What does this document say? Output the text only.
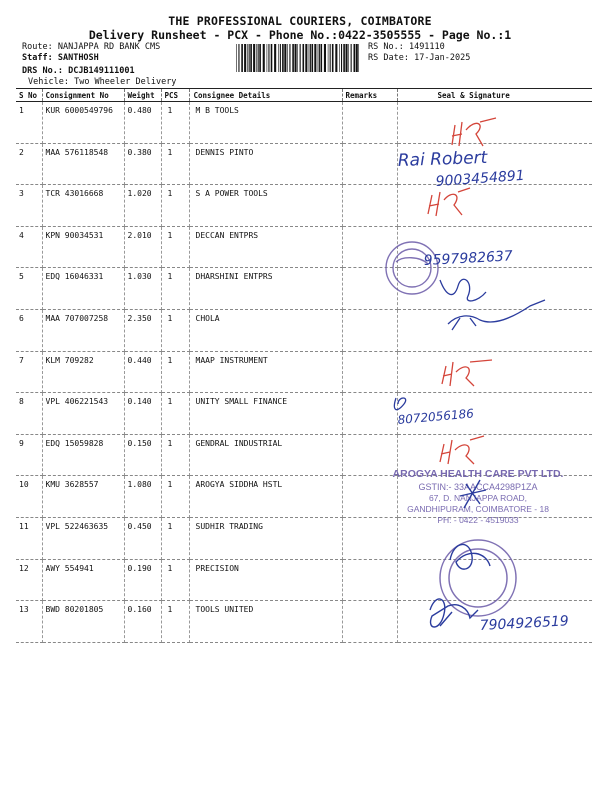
THE PROFESSIONAL COURIERS, COIMBATORE
Delivery Runsheet - PCX - Phone No.:0422-3505555 - Page No.:1
Route: NANJAPPA RD BANK CMS
Staff: SANTHOSH
DRS No.: DCJB149111001
Vehicle: Two Wheeler Delivery
RS No.: 1491110
RS Date: 17-Jan-2025
S No	Consignment No	Weight	PCS	Consignee Details	Remarks	Seal & Signature
1	KUR 6000549796	0.480	1	M B TOOLS		
2	MAA 576118548	0.380	1	DENNIS PINTO		
3	TCR 43016668	1.020	1	S A POWER TOOLS		
4	KPN 90034531	2.010	1	DECCAN ENTPRS		
5	EDQ 16046331	1.030	1	DHARSHINI ENTPRS		
6	MAA 707007258	2.350	1	CHOLA		
7	KLM 709282	0.440	1	MAAP INSTRUMENT		
8	VPL 406221543	0.140	1	UNITY SMALL FINANCE		
9	EDQ 15059828	0.150	1	GENDRAL INDUSTRIAL		
10	KMU 3628557	1.080	1	AROGYA SIDDHA HSTL		
11	VPL 522463635	0.450	1	SUDHIR TRADING		
12	AWY 554941	0.190	1	PRECISION		
13	BWD 80201805	0.160	1	TOOLS UNITED		
Rai Robert
9003454891
9597982637
8072056186
AROGYA HEALTH CARE PVT LTD.
GSTIN:- 33AACCA4298P1ZA
67, D. NANJAPPA ROAD,
GANDHIPURAM, COIMBATORE - 18
PH: - 0422 - 4519033
7904926519
